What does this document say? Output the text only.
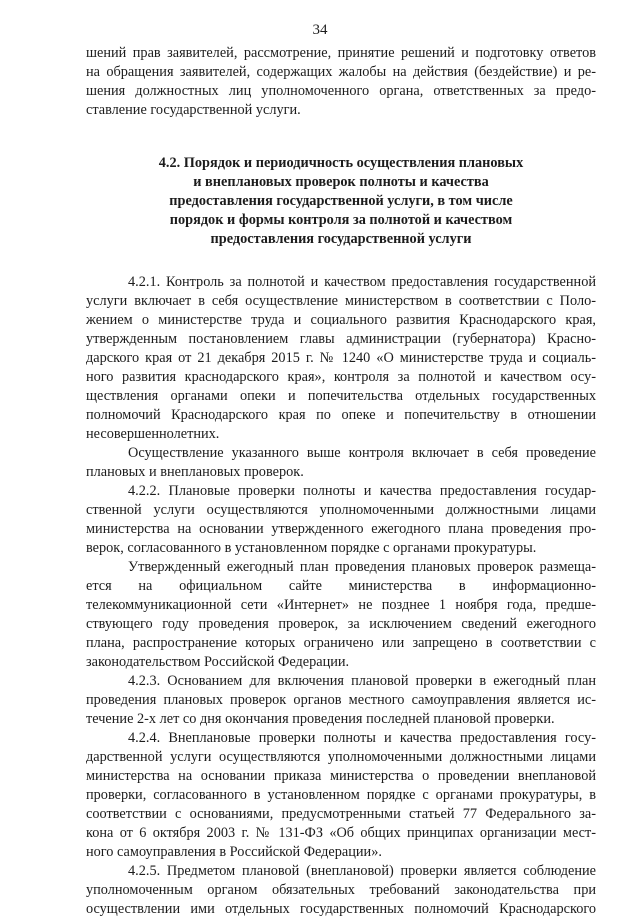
34
шений прав заявителей, рассмотрение, принятие решений и подготовку ответов
на обращения заявителей, содержащих жалобы на действия (бездействие) и ре-
шения должностных лиц уполномоченного органа, ответственных за предо-
ставление государственной услуги.
4.2. Порядок и периодичность осуществления плановых
и внеплановых проверок полноты и качества
предоставления государственной услуги, в том числе
порядок и формы контроля за полнотой и качеством
предоставления государственной услуги
4.2.1. Контроль за полнотой и качеством предоставления государственной
услуги включает в себя осуществление министерством в соответствии с Поло-
жением о министерстве труда и социального развития Краснодарского края,
утвержденным постановлением главы администрации (губернатора) Красно-
дарского края от 21 декабря 2015 г. № 1240 «О министерстве труда и социаль-
ного развития краснодарского края», контроля за полнотой и качеством осу-
ществления органами опеки и попечительства отдельных государственных
полномочий Краснодарского края по опеке и попечительству в отношении
несовершеннолетних.
Осуществление указанного выше контроля включает в себя проведение
плановых и внеплановых проверок.
4.2.2. Плановые проверки полноты и качества предоставления государ-
ственной услуги осуществляются уполномоченными должностными лицами
министерства на основании утвержденного ежегодного плана проведения про-
верок, согласованного в установленном порядке с органами прокуратуры.
Утвержденный ежегодный план проведения плановых проверок размеща-
ется на официальном сайте министерства в информационно-
телекоммуникационной сети «Интернет» не позднее 1 ноября года, предше-
ствующего году проведения проверок, за исключением сведений ежегодного
плана, распространение которых ограничено или запрещено в соответствии с
законодательством Российской Федерации.
4.2.3. Основанием для включения плановой проверки в ежегодный план
проведения плановых проверок органов местного самоуправления является ис-
течение 2-х лет со дня окончания проведения последней плановой проверки.
4.2.4. Внеплановые проверки полноты и качества предоставления госу-
дарственной услуги осуществляются уполномоченными должностными лицами
министерства на основании приказа министерства о проведении внеплановой
проверки, согласованного в установленном порядке с органами прокуратуры, в
соответствии с основаниями, предусмотренными статьей 77 Федерального за-
кона от 6 октября 2003 г. № 131-ФЗ «Об общих принципах организации мест-
ного самоуправления в Российской Федерации».
4.2.5. Предметом плановой (внеплановой) проверки является соблюдение
уполномоченным органом обязательных требований законодательства при
осуществлении ими отдельных государственных полномочий Краснодарского
